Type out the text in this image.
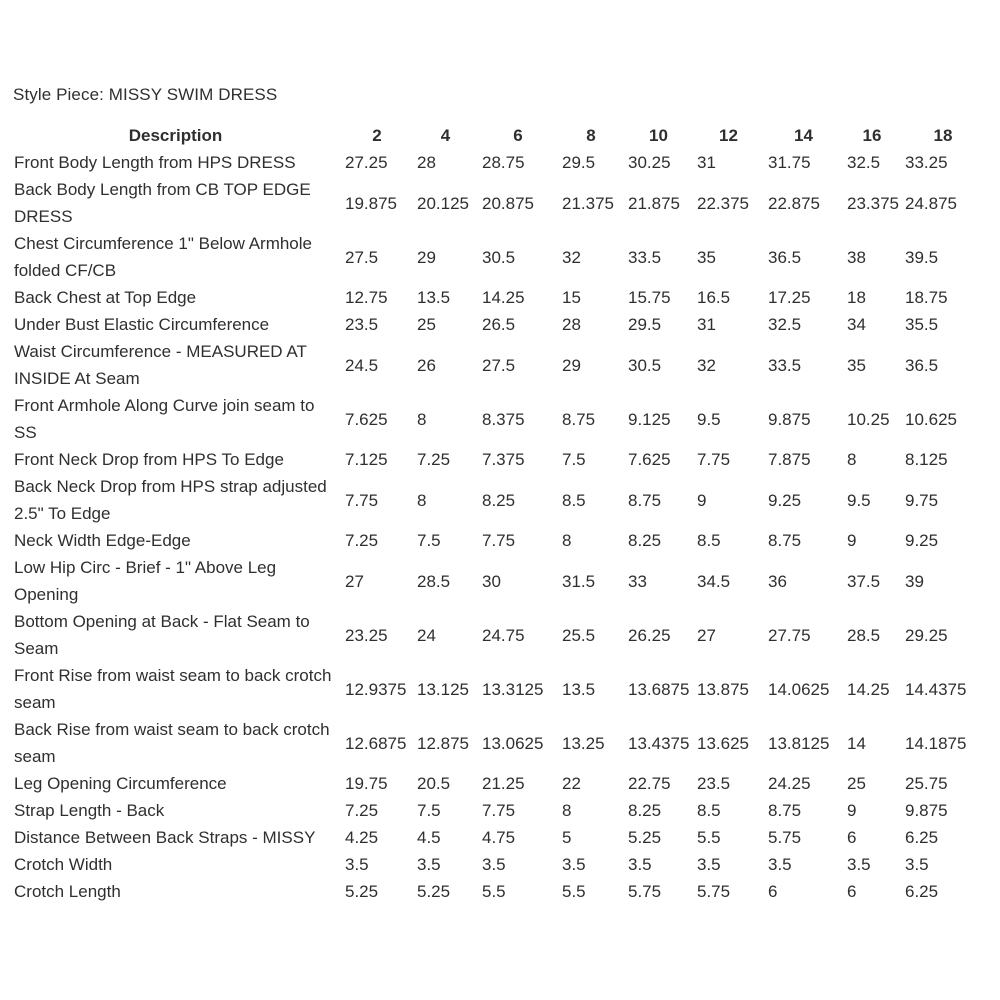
Style Piece: MISSY SWIM DRESS
Description	2	4	6	8	10	12	14	16	18
Front Body Length from HPS DRESS	27.25	28	28.75	29.5	30.25	31	31.75	32.5	33.25
Back Body Length from CB TOP EDGE DRESS	19.875	20.125	20.875	21.375	21.875	22.375	22.875	23.375	24.875
Chest Circumference 1" Below Armhole folded CF/CB	27.5	29	30.5	32	33.5	35	36.5	38	39.5
Back Chest at Top Edge	12.75	13.5	14.25	15	15.75	16.5	17.25	18	18.75
Under Bust Elastic Circumference	23.5	25	26.5	28	29.5	31	32.5	34	35.5
Waist Circumference - MEASURED AT INSIDE At Seam	24.5	26	27.5	29	30.5	32	33.5	35	36.5
Front Armhole Along Curve join seam to SS	7.625	8	8.375	8.75	9.125	9.5	9.875	10.25	10.625
Front Neck Drop from HPS To Edge	7.125	7.25	7.375	7.5	7.625	7.75	7.875	8	8.125
Back Neck Drop from HPS strap adjusted 2.5" To Edge	7.75	8	8.25	8.5	8.75	9	9.25	9.5	9.75
Neck Width Edge-Edge	7.25	7.5	7.75	8	8.25	8.5	8.75	9	9.25
Low Hip Circ - Brief - 1" Above Leg Opening	27	28.5	30	31.5	33	34.5	36	37.5	39
Bottom Opening at Back - Flat Seam to Seam	23.25	24	24.75	25.5	26.25	27	27.75	28.5	29.25
Front Rise from waist seam to back crotch seam	12.9375	13.125	13.3125	13.5	13.6875	13.875	14.0625	14.25	14.4375
Back Rise from waist seam to back crotch seam	12.6875	12.875	13.0625	13.25	13.4375	13.625	13.8125	14	14.1875
Leg Opening Circumference	19.75	20.5	21.25	22	22.75	23.5	24.25	25	25.75
Strap Length - Back	7.25	7.5	7.75	8	8.25	8.5	8.75	9	9.875
Distance Between Back Straps - MISSY	4.25	4.5	4.75	5	5.25	5.5	5.75	6	6.25
Crotch Width	3.5	3.5	3.5	3.5	3.5	3.5	3.5	3.5	3.5
Crotch Length	5.25	5.25	5.5	5.5	5.75	5.75	6	6	6.25
